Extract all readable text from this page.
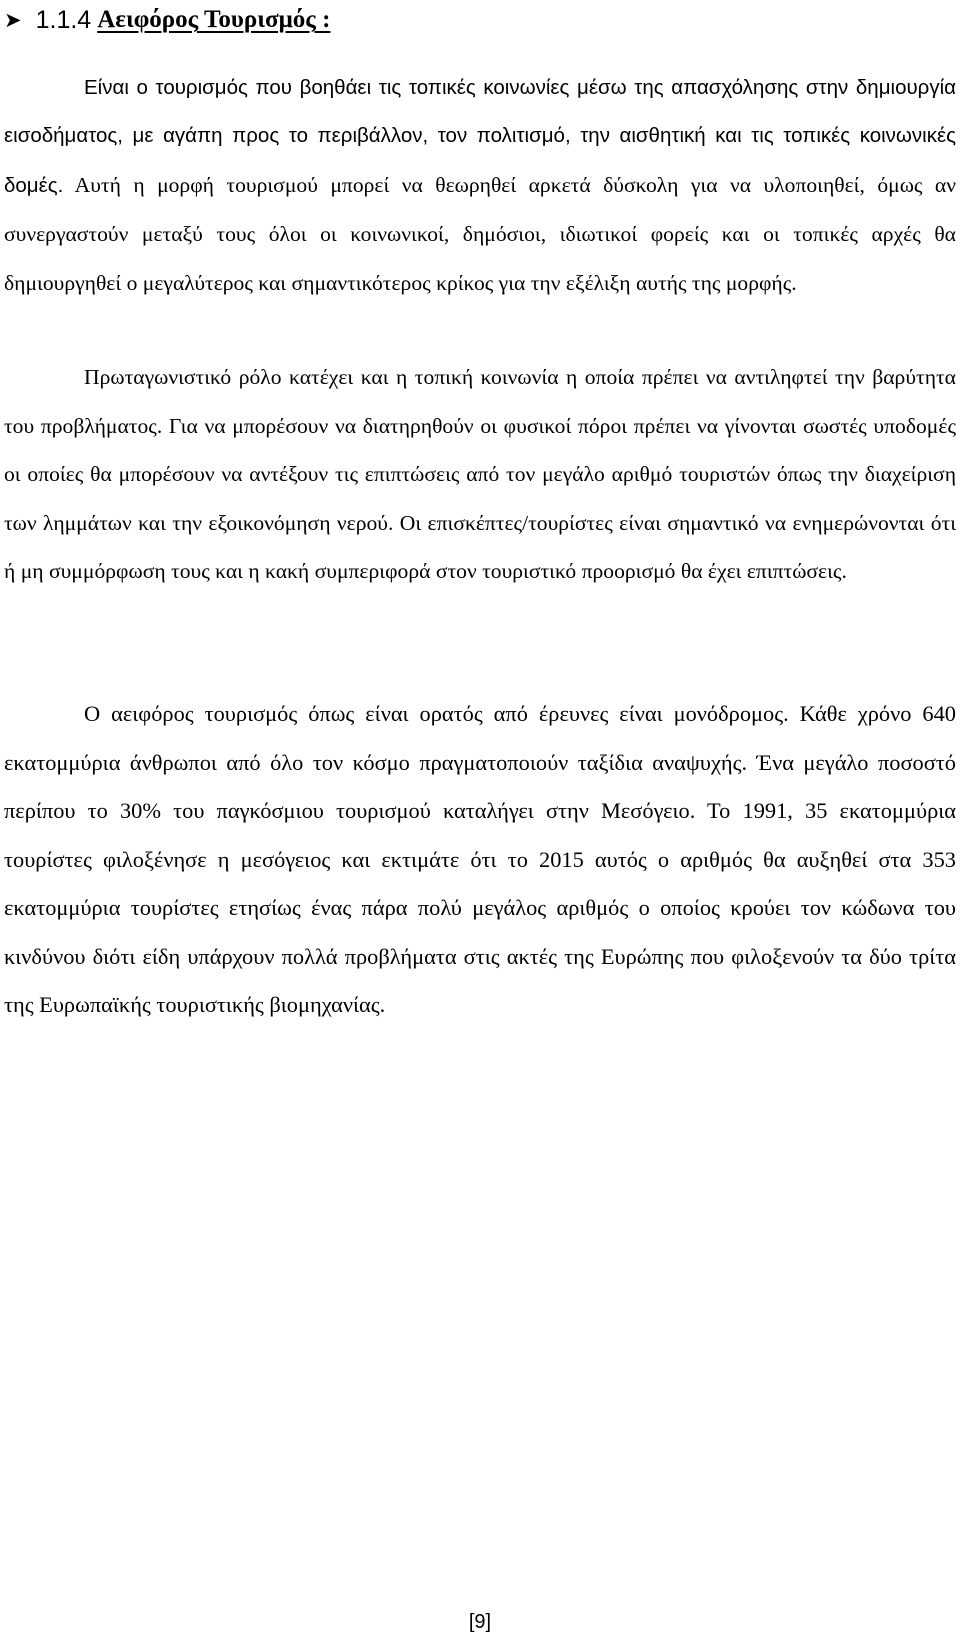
➤ 1.1.4 Αειφόρος Τουρισμός :

Είναι ο τουρισμός που βοηθάει τις τοπικές κοινωνίες μέσω της απασχόλησης στην δημιουργία εισοδήματος, με αγάπη προς το περιβάλλον, τον πολιτισμό, την αισθητική και τις τοπικές κοινωνικές δομές. Αυτή η μορφή τουρισμού μπορεί να θεωρηθεί αρκετά δύσκολη για να υλοποιηθεί, όμως αν συνεργαστούν μεταξύ τους όλοι οι κοινωνικοί, δημόσιοι, ιδιωτικοί φορείς και οι τοπικές αρχές θα δημιουργηθεί ο μεγαλύτερος και σημαντικότερος κρίκος για την εξέλιξη αυτής της μορφής.

Πρωταγωνιστικό ρόλο κατέχει και η τοπική κοινωνία η οποία πρέπει να αντιληφτεί την βαρύτητα του προβλήματος. Για να μπορέσουν να διατηρηθούν οι φυσικοί πόροι πρέπει να γίνονται σωστές υποδομές οι οποίες θα μπορέσουν να αντέξουν τις επιπτώσεις από τον μεγάλο αριθμό τουριστών όπως την διαχείριση των λημμάτων και την εξοικονόμηση νερού. Οι επισκέπτες/τουρίστες είναι σημαντικό να ενημερώνονται ότι ή μη συμμόρφωση τους και η κακή συμπεριφορά στον τουριστικό προορισμό θα έχει επιπτώσεις.

Ο αειφόρος τουρισμός όπως είναι ορατός από έρευνες είναι μονόδρομος. Κάθε χρόνο 640 εκατομμύρια άνθρωποι από όλο τον κόσμο πραγματοποιούν ταξίδια αναψυχής. Ένα μεγάλο ποσοστό περίπου το 30% του παγκόσμιου τουρισμού καταλήγει στην Μεσόγειο. Το 1991, 35 εκατομμύρια τουρίστες φιλοξένησε η μεσόγειος και εκτιμάτε ότι το 2015 αυτός ο αριθμός θα αυξηθεί στα 353 εκατομμύρια τουρίστες ετησίως ένας πάρα πολύ μεγάλος αριθμός ο οποίος κρούει τον κώδωνα του κινδύνου διότι είδη υπάρχουν πολλά προβλήματα στις ακτές της Ευρώπης που φιλοξενούν τα δύο τρίτα της Ευρωπαϊκής τουριστικής βιομηχανίας.

[9]
